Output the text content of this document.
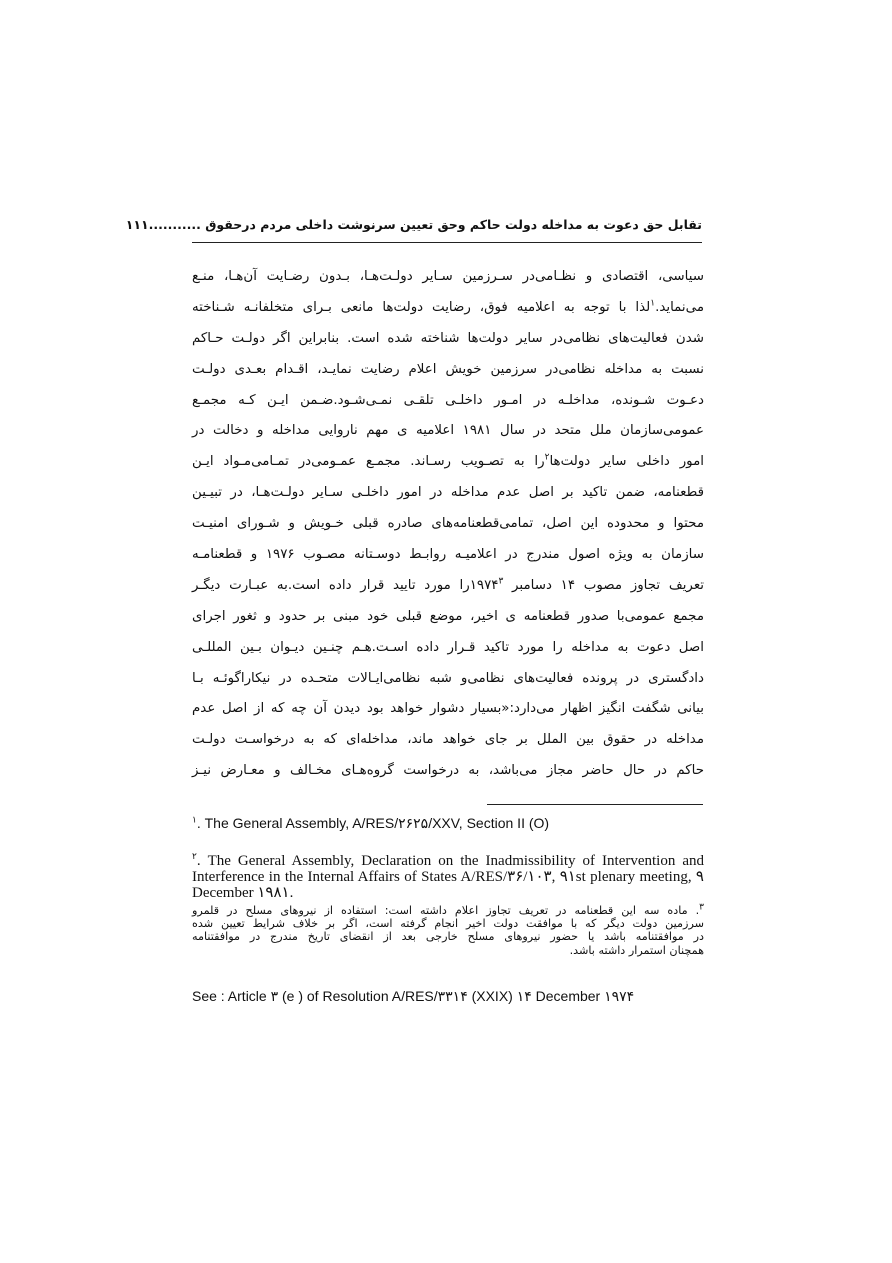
تقابل حق دعوت به مداخله دولت حاکم وحق تعیین سرنوشت داخلی مردم درحقوق ...........۱۱۱
سیاسی، اقتصادی و نظـامی‌در سـرزمین سـایر دولـت‌هـا، بـدون رضـایت آن‌هـا، منـع
می‌نماید.$^۱$لذا با توجه به اعلامیه فوق، رضایت دولت‌ها مانعی بـرای متخلفانـه شـناخته
شدن فعالیت‌های نظامی‌در سایر دولت‌ها شناخته شده است. بنابراین اگر دولـت حـاکم
نسبت به مداخله نظامی‌در سرزمین خویش اعلام رضایت نمایـد، اقـدام بعـدی دولـت
دعـوت شـونده، مداخلـه در امـور داخلـی تلقـی نمـی‌شـود.ضـمن ایـن کـه مجمـع
عمومی‌سازمان ملل متحد در سال ۱۹۸۱ اعلامیه ی مهم ناروایی مداخله و دخالت در
امور داخلی سایر دولت‌ها$^۲$را به تصـویب رسـاند. مجمـع عمـومی‌در تمـامی‌مـواد ایـن
قطعنامه، ضمن تاکید بر اصل عدم مداخله در امور داخلـی سـایر دولـت‌هـا، در تبیـین
محتوا و محدوده این اصل، تمامی‌قطعنامه‌های صادره قبلی خـویش و شـورای امنیـت
سازمان به ویژه اصول مندرج در اعلامیـه روابـط دوسـتانه مصـوب ۱۹۷۶ و قطعنامـه
تعریف تجاوز مصوب ۱۴ دسامبر ۱۹۷۴$^۳$را مورد تایید قرار داده است.به عبـارت دیگـر
مجمع عمومی‌با صدور قطعنامه ی اخیر، موضع قبلی خود مبنی بر حدود و ثغور اجرای
اصل دعوت به مداخله را مورد تاکید قـرار داده اسـت.هـم چنـین دیـوان بـین المللـی
دادگستری در پرونده فعالیت‌های نظامی‌و شبه نظامی‌ایـالات متحـده در نیکاراگوئـه بـا
بیانی شگفت انگیز اظهار می‌دارد:«بسیار دشوار خواهد بود دیدن آن چه که از اصل عدم
مداخله در حقوق بین الملل بر جای خواهد ماند، مداخله‌ای که به درخواسـت دولـت
حاکم در حال حاضر مجاز می‌باشد، به درخواست گروه‌هـای مخـالف و معـارض نیـز
$^۱$. The General Assembly, A/RES/۲۶۲۵/XXV, Section II (O)
$^۲$. The General Assembly, Declaration on the Inadmissibility of Intervention and Interference in the Internal Affairs of States A/RES/۳۶/۱۰۳, ۹۱st plenary meeting, ۹ December ۱۹۸۱.
$^۳$. ماده سه این قطعنامه در تعریف تجاوز اعلام داشته است: استفاده از نیروهای مسلح در قلمرو
سرزمین دولت دیگر که با موافقت دولت اخیر انجام گرفته است، اگر بر خلاف شرایط تعیین شده
در موافقتنامه باشد یا حضور نیروهای مسلح خارجی بعد از انقضای تاریخ مندرج در موافقتنامه
همچنان استمرار داشته باشد.
See : Article ۳ (e ) of Resolution A/RES/۳۳۱۴ (XXIX) ۱۴ December ۱۹۷۴
